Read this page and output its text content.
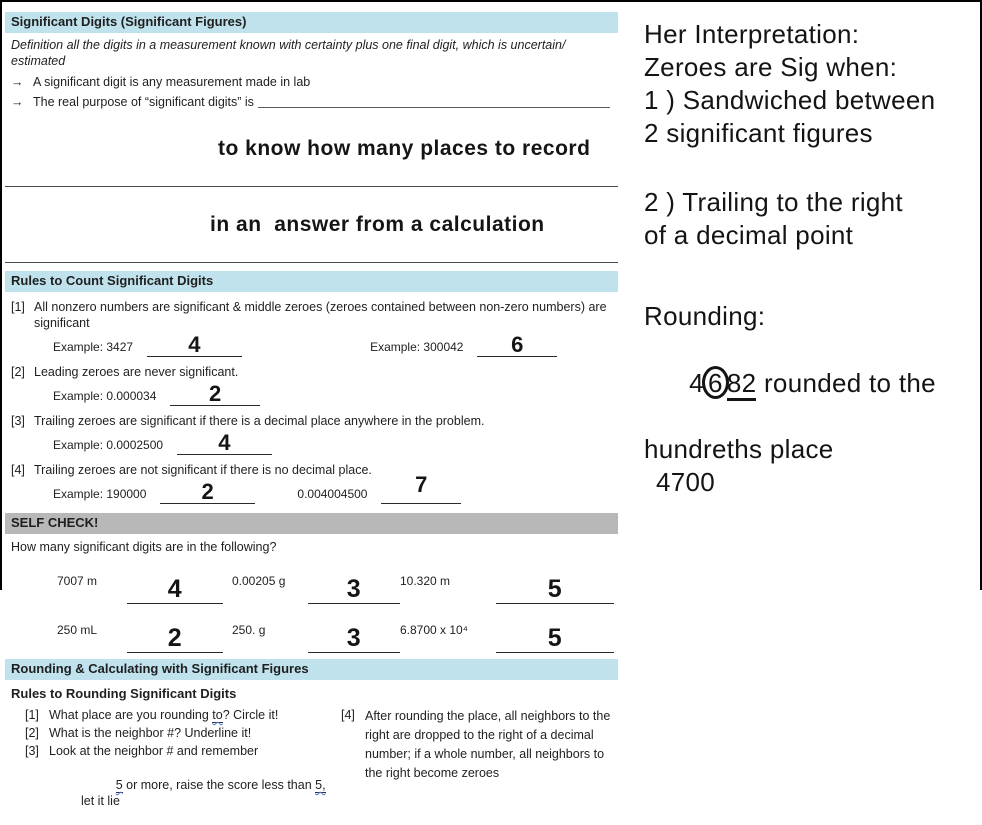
Significant Digits (Significant Figures)
Definition all the digits in a measurement known with certainty plus one final digit, which is uncertain/ estimated
→ A significant digit is any measurement made in lab
→ The real purpose of “significant digits” is

to know how many places to record

in an  answer from a calculation

Rules to Count Significant Digits
[1] All nonzero numbers are significant & middle zeroes (zeroes contained between non-zero numbers) are significant
Example: 3427	4	Example: 300042 6
[2] Leading zeroes are never significant.
Example: 0.000034 2
[3] Trailing zeroes are significant if there is a decimal place anywhere in the problem.
Example: 0.0002500	4
[4] Trailing zeroes are not significant if there is no decimal place.
Example: 190000	2	0.004004500 7
SELF CHECK!
How many significant digits are in the following?
7007 m	4	0.00205 g	3	10.320 m	5
250 mL	2	250. g	3	6.8700 x 10⁴	5
Rounding & Calculating with Significant Figures
Rules to Rounding Significant Digits
[1] What place are you rounding to? Circle it!
[2] What is the neighbor #? Underline it!
[3] Look at the neighbor # and remember

5 or more, raise the score less than 5, let it lie

[4] After rounding the place, all neighbors to the right are dropped to the right of a decimal number; if a whole number, all neighbors to the right become zeroes
Her Interpretation:
Zeroes are Sig when:
1 ) Sandwiched between
2 significant figures
2 ) Trailing to the right
of a decimal point
Rounding:

4 6 82 rounded to the

hundreths place
4700
